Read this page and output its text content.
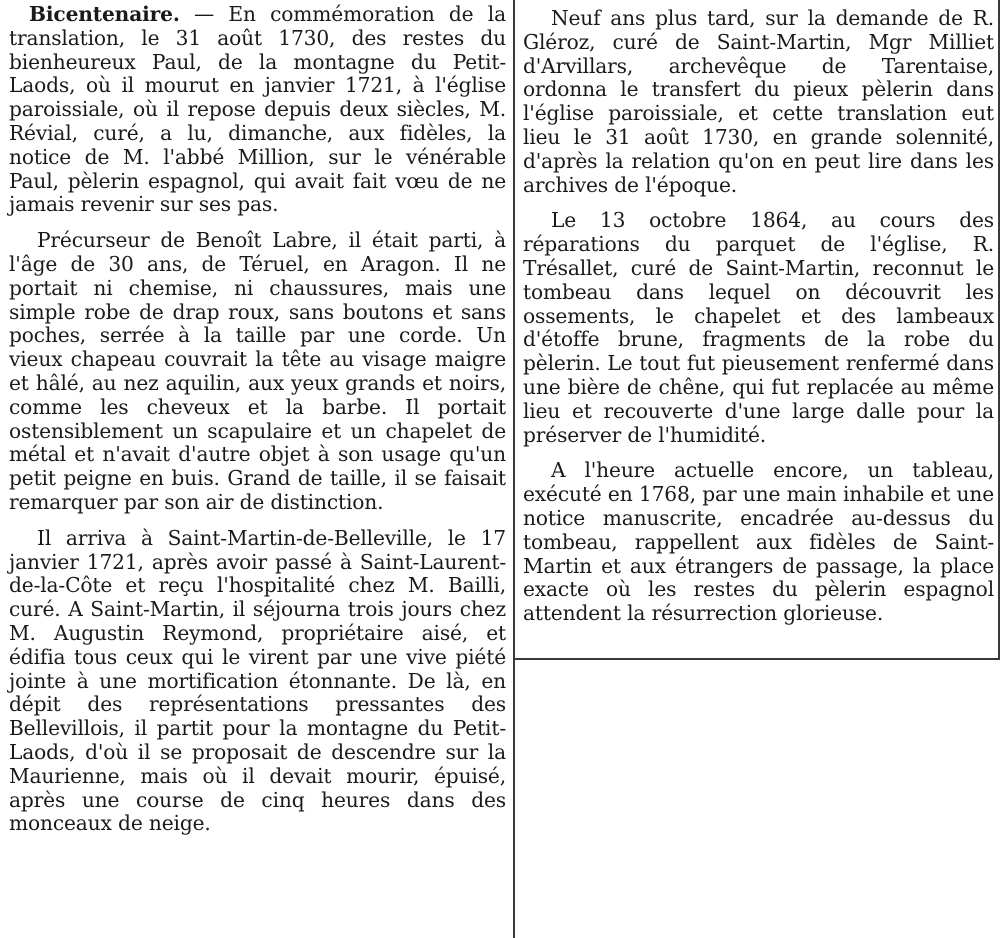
Bicentenaire. — En commémoration de la translation, le 31 août 1730, des restes du bienheureux Paul, de la montagne du Petit-Laods, où il mourut en janvier 1721, à l'église paroissiale, où il repose depuis deux siècles, M. Révial, curé, a lu, dimanche, aux fidèles, la notice de M. l'abbé Million, sur le vénérable Paul, pèlerin espagnol, qui avait fait vœu de ne jamais revenir sur ses pas.

Précurseur de Benoît Labre, il était parti, à l'âge de 30 ans, de Téruel, en Aragon. Il ne portait ni chemise, ni chaussures, mais une simple robe de drap roux, sans boutons et sans poches, serrée à la taille par une corde. Un vieux chapeau couvrait la tête au visage maigre et hâlé, au nez aquilin, aux yeux grands et noirs, comme les cheveux et la barbe. Il portait ostensiblement un scapulaire et un chapelet de métal et n'avait d'autre objet à son usage qu'un petit peigne en buis. Grand de taille, il se faisait remarquer par son air de distinction.

Il arriva à Saint-Martin-de-Belleville, le 17 janvier 1721, après avoir passé à Saint-Laurent-de-la-Côte et reçu l'hospitalité chez M. Bailli, curé. A Saint-Martin, il séjourna trois jours chez M. Augustin Reymond, propriétaire aisé, et édifia tous ceux qui le virent par une vive piété jointe à une mortification étonnante. De là, en dépit des représentations pressantes des Bellevillois, il partit pour la montagne du Petit-Laods, d'où il se proposait de descendre sur la Maurienne, mais où il devait mourir, épuisé, après une course de cinq heures dans des monceaux de neige.

Neuf ans plus tard, sur la demande de R. Gléroz, curé de Saint-Martin, Mgr Milliet d'Arvillars, archevêque de Tarentaise, ordonna le transfert du pieux pèlerin dans l'église paroissiale, et cette translation eut lieu le 31 août 1730, en grande solennité, d'après la relation qu'on en peut lire dans les archives de l'époque.

Le 13 octobre 1864, au cours des réparations du parquet de l'église, R. Trésallet, curé de Saint-Martin, reconnut le tombeau dans lequel on découvrit les ossements, le chapelet et des lambeaux d'étoffe brune, fragments de la robe du pèlerin. Le tout fut pieusement renfermé dans une bière de chêne, qui fut replacée au même lieu et recouverte d'une large dalle pour la préserver de l'humidité.

A l'heure actuelle encore, un tableau, exécuté en 1768, par une main inhabile et une notice manuscrite, encadrée au-dessus du tombeau, rappellent aux fidèles de Saint-Martin et aux étrangers de passage, la place exacte où les restes du pèlerin espagnol attendent la résurrection glorieuse.
